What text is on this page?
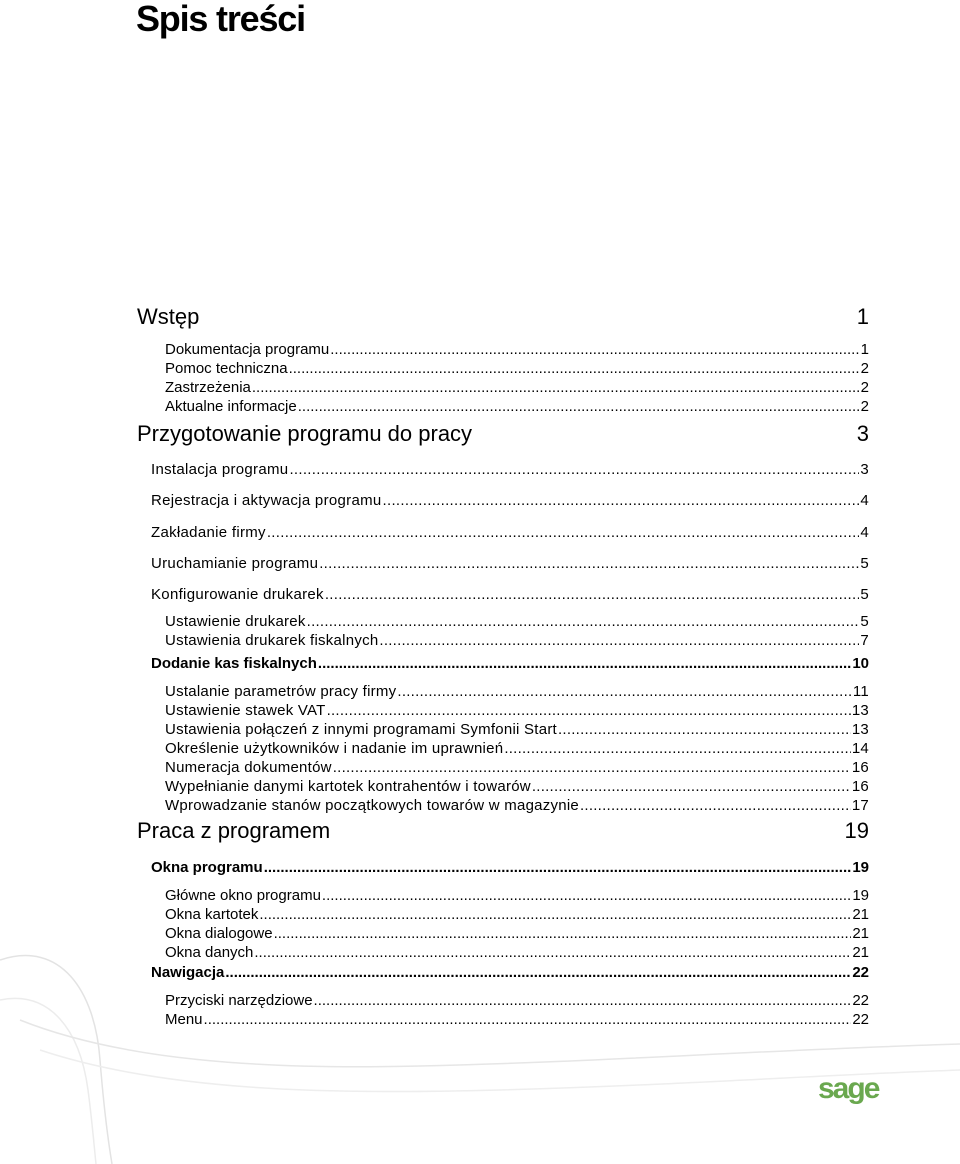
Spis treści
Wstęp	1
Dokumentacja programu .....	1
Pomoc techniczna .....	2
Zastrzeżenia .....	2
Aktualne informacje .....	2
Przygotowanie programu do pracy	3
Instalacja programu .....	3
Rejestracja i aktywacja programu .....	4
Zakładanie firmy .....	4
Uruchamianie programu .....	5
Konfigurowanie drukarek .....	5
Ustawienie drukarek .....	5
Ustawienia drukarek fiskalnych .....	7
Dodanie kas fiskalnych .....	10
Ustalanie parametrów pracy firmy .....	11
Ustawienie stawek VAT .....	13
Ustawienia połączeń z innymi programami Symfonii Start .....	13
Określenie użytkowników i nadanie im uprawnień .....	14
Numeracja dokumentów .....	16
Wypełnianie danymi kartotek kontrahentów i towarów .....	16
Wprowadzanie stanów początkowych towarów w magazynie .....	17
Praca z programem	19
Okna programu .....	19
Główne okno programu .....	19
Okna kartotek .....	21
Okna dialogowe .....	21
Okna danych .....	21
Nawigacja .....	22
Przyciski narzędziowe .....	22
Menu .....	22
sage
